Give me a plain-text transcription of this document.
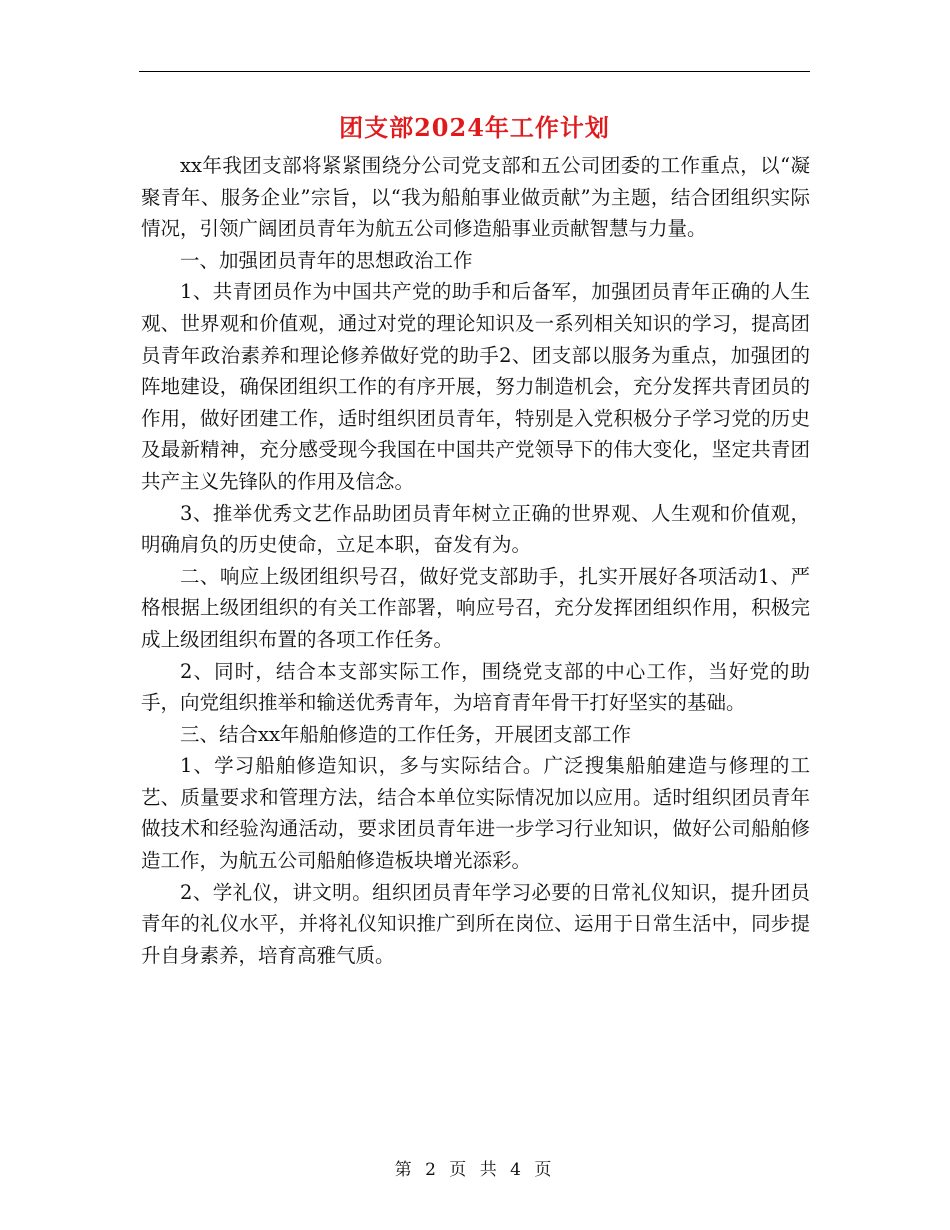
团支部2024年工作计划

xx年我团支部将紧紧围绕分公司党支部和五公司团委的工作重点，以“凝聚青年、服务企业”宗旨，以“我为船舶事业做贡献”为主题，结合团组织实际情况，引领广阔团员青年为航五公司修造船事业贡献智慧与力量。

一、加强团员青年的思想政治工作

1、共青团员作为中国共产党的助手和后备军，加强团员青年正确的人生观、世界观和价值观，通过对党的理论知识及一系列相关知识的学习，提高团员青年政治素养和理论修养做好党的助手2、团支部以服务为重点，加强团的阵地建设，确保团组织工作的有序开展，努力制造机会，充分发挥共青团员的作用，做好团建工作，适时组织团员青年，特别是入党积极分子学习党的历史及最新精神，充分感受现今我国在中国共产党领导下的伟大变化，坚定共青团共产主义先锋队的作用及信念。

3、推举优秀文艺作品助团员青年树立正确的世界观、人生观和价值观，明确肩负的历史使命，立足本职，奋发有为。

二、响应上级团组织号召，做好党支部助手，扎实开展好各项活动1、严格根据上级团组织的有关工作部署，响应号召，充分发挥团组织作用，积极完成上级团组织布置的各项工作任务。

2、同时，结合本支部实际工作，围绕党支部的中心工作，当好党的助手，向党组织推举和输送优秀青年，为培育青年骨干打好坚实的基础。

三、结合xx年船舶修造的工作任务，开展团支部工作

1、学习船舶修造知识，多与实际结合。广泛搜集船舶建造与修理的工艺、质量要求和管理方法，结合本单位实际情况加以应用。适时组织团员青年做技术和经验沟通活动，要求团员青年进一步学习行业知识，做好公司船舶修造工作，为航五公司船舶修造板块增光添彩。

2、学礼仪，讲文明。组织团员青年学习必要的日常礼仪知识，提升团员青年的礼仪水平，并将礼仪知识推广到所在岗位、运用于日常生活中，同步提升自身素养，培育高雅气质。

第 2 页 共 4 页
